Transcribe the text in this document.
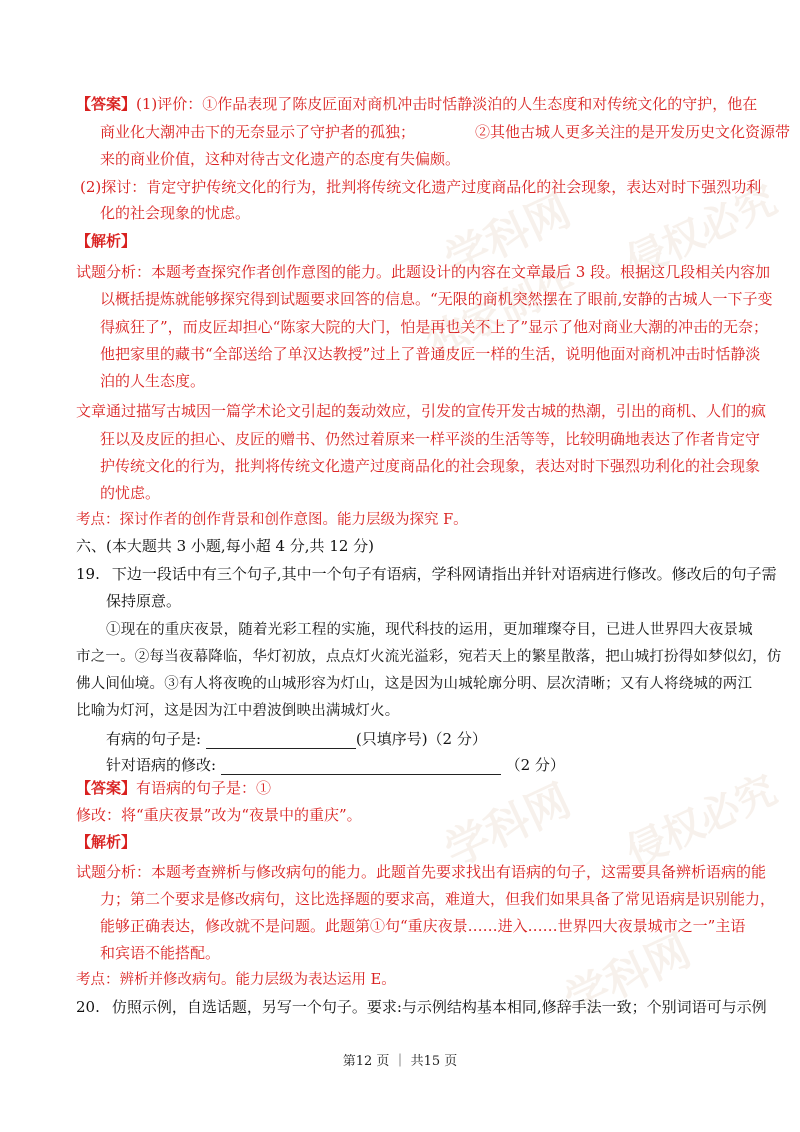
学科网 侵权必究
独家制作
学科网 侵权必究
学科网
【答案】(1)评价：①作品表现了陈皮匠面对商机冲击时恬静淡泊的人生态度和对传统文化的守护，他在
商业化大潮冲击下的无奈显示了守护者的孤独；	②其他古城人更多关注的是开发历史文化资源带
来的商业价值，这种对待古文化遗产的态度有失偏颇。
(2)探讨：肯定守护传统文化的行为，批判将传统文化遗产过度商品化的社会现象，表达对时下强烈功利
化的社会现象的忧虑。
【解析】
试题分析：本题考查探究作者创作意图的能力。此题设计的内容在文章最后 3 段。根据这几段相关内容加
以概括提炼就能够探究得到试题要求回答的信息。“无限的商机突然摆在了眼前,安静的古城人一下子变
得疯狂了”，而皮匠却担心“陈家大院的大门，怕是再也关不上了”显示了他对商业大潮的冲击的无奈；
他把家里的藏书“全部送给了单汉达教授”过上了普通皮匠一样的生活，说明他面对商机冲击时恬静淡
泊的人生态度。
文章通过描写古城因一篇学术论文引起的轰动效应，引发的宣传开发古城的热潮，引出的商机、人们的疯
狂以及皮匠的担心、皮匠的赠书、仍然过着原来一样平淡的生活等等，比较明确地表达了作者肯定守
护传统文化的行为，批判将传统文化遗产过度商品化的社会现象，表达对时下强烈功利化的社会现象
的忧虑。
考点：探讨作者的创作背景和创作意图。能力层级为探究 F。
六、(本大题共 3 小题,每小超 4 分,共 12 分)
19. 下边一段话中有三个句子,其中一个句子有语病，学科网请指出并针对语病进行修改。修改后的句子需
保持原意。
①现在的重庆夜景，随着光彩工程的实施，现代科技的运用，更加璀璨夺目，已进人世界四大夜景城
市之一。②每当夜幕降临，华灯初放，点点灯火流光溢彩，宛若天上的繁星散落，把山城打扮得如梦似幻，仿
佛人间仙境。③有人将夜晚的山城形容为灯山，这是因为山城轮廓分明、层次清晰；又有人将绕城的两江
比喻为灯河，这是因为江中碧波倒映出满城灯火。
有病的句子是:	(只填序号)（2 分）
针对语病的修改:	（2 分）
【答案】有语病的句子是：①
修改：将“重庆夜景”改为“夜景中的重庆”。
【解析】
试题分析：本题考查辨析与修改病句的能力。此题首先要求找出有语病的句子，这需要具备辨析语病的能
力；第二个要求是修改病句，这比选择题的要求高，难道大，但我们如果具备了常见语病是识别能力，
能够正确表达，修改就不是问题。此题第①句“重庆夜景……进入……世界四大夜景城市之一”主语
和宾语不能搭配。
考点：辨析并修改病句。能力层级为表达运用 E。
20. 仿照示例，自选话题，另写一个句子。要求:与示例结构基本相同,修辞手法一致；个别词语可与示例
第12 页 ｜ 共15 页
